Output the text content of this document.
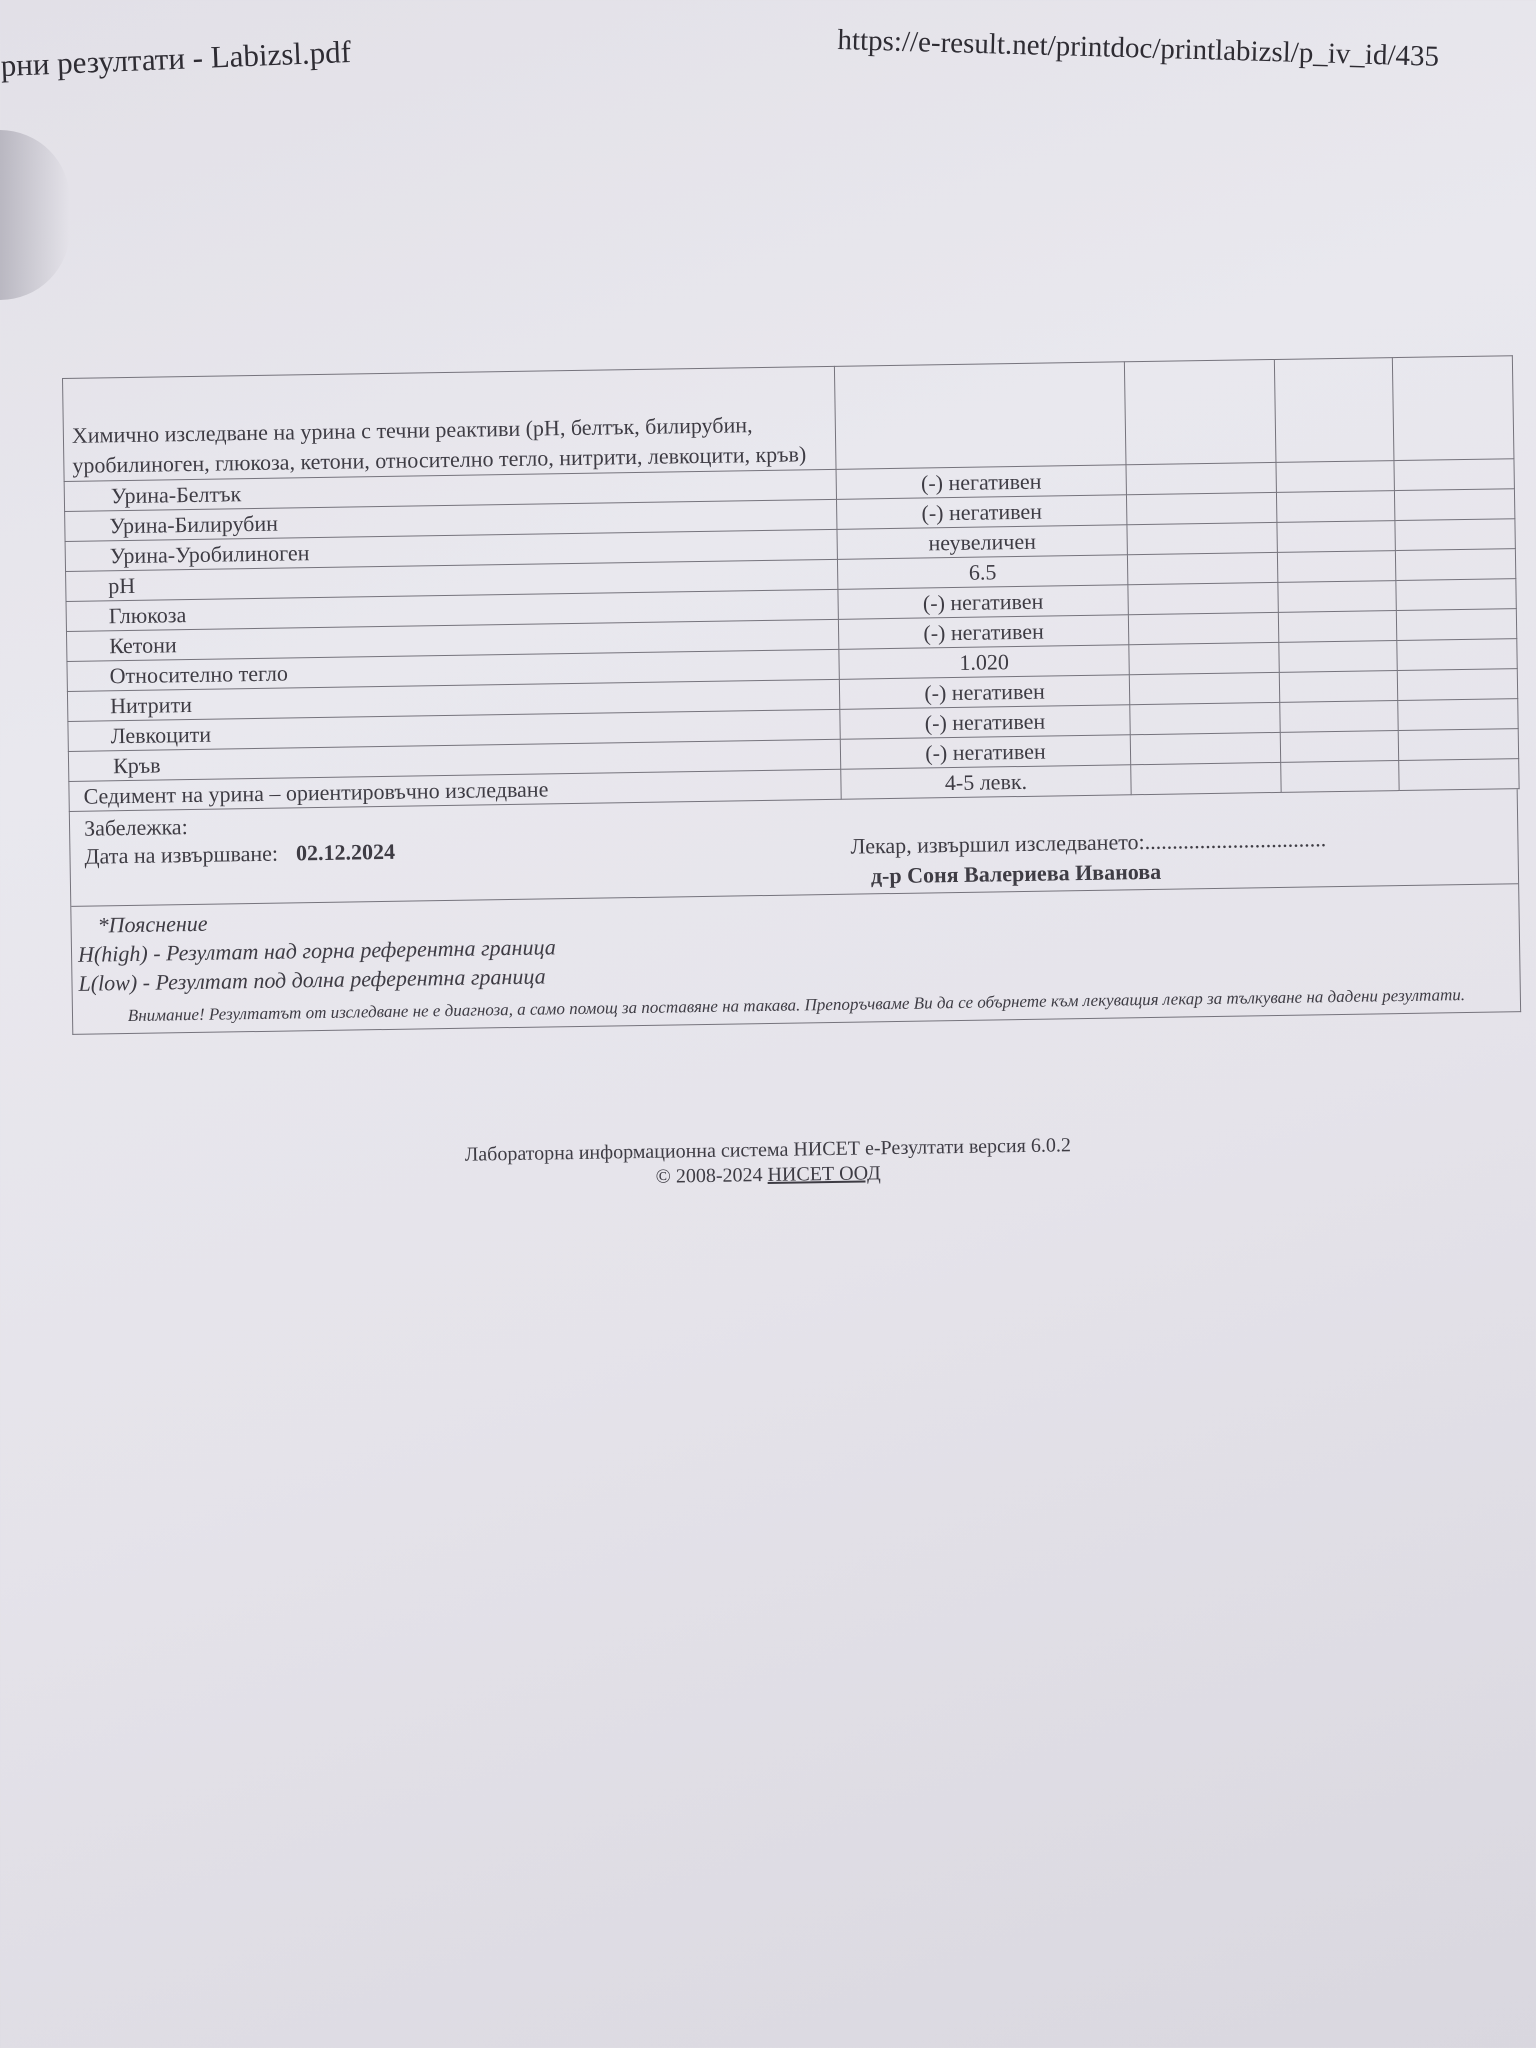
рни резултати - Labizsl.pdf	https://e-result.net/printdoc/printlabizsl/p_iv_id/435
Химично изследване на урина с течни реактиви (pH, белтък, билирубин, уробилиноген, глюкоза, кетони, относително тегло, нитрити, левкоцити, кръв)				
Урина-Белтък	(-) негативен			
Урина-Билирубин	(-) негативен			
Урина-Уробилиноген	неувеличен			
pH	6.5			
Глюкоза	(-) негативен			
Кетони	(-) негативен			
Относително тегло	1.020			
Нитрити	(-) негативен			
Левкоцити	(-) негативен			
Кръв	(-) негативен			
Седимент на урина – ориентировъчно изследване	4-5 левк.			
Забележка:
Дата на извършване: 02.12.2024	Лекар, извършил изследването:.................................
д-р Соня Валериева Иванова
*Пояснение
H(high) - Резултат над горна референтна граница
L(low) - Резултат под долна референтна граница
Внимание! Резултатът от изследване не е диагноза, а само помощ за поставяне на такава. Препоръчваме Ви да се обърнете към лекуващия лекар за тълкуване на дадени резултати.
Лабораторна информационна система НИСЕТ е-Резултати версия 6.0.2
© 2008-2024 НИСЕТ ООД
